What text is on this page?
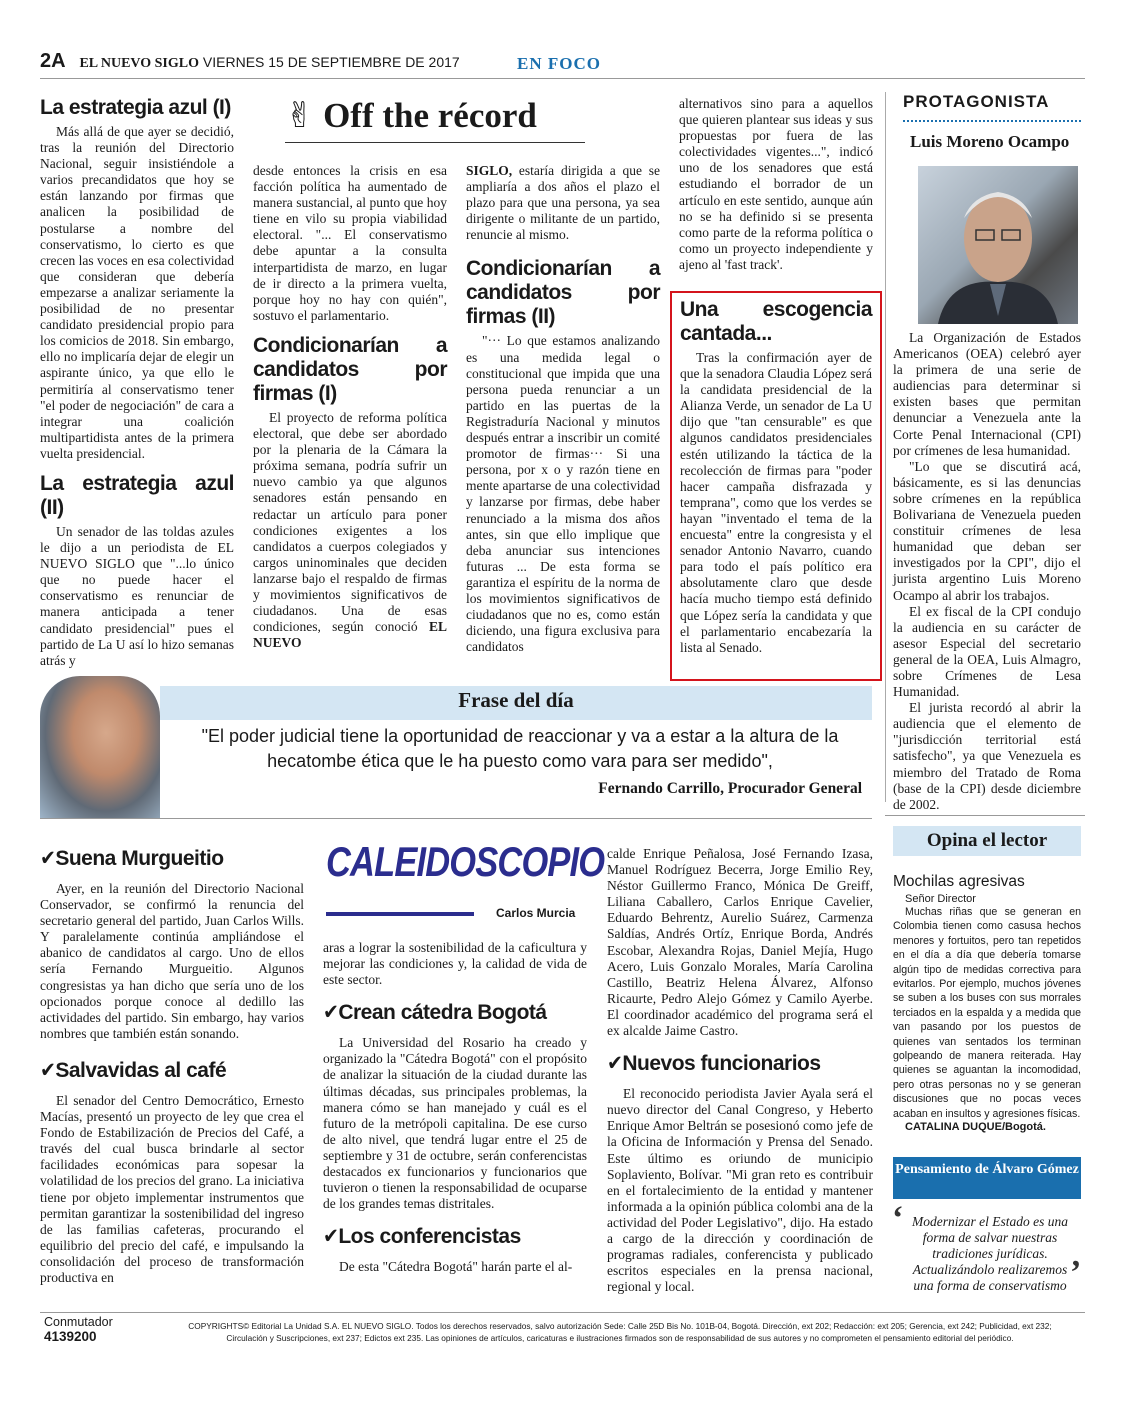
2A EL NUEVO SIGLO VIERNES 15 DE SEPTIEMBRE DE 2017	EN FOCO
✌ Off the récord
La estrategia azul (I)

Más allá de que ayer se decidió, tras la reunión del Directorio Nacional, seguir insistiéndole a varios precandidatos que hoy se están lanzando por firmas que analicen la posibilidad de postularse a nombre del conservatismo, lo cierto es que crecen las voces en esa colectividad que consideran que debería empezarse a analizar seriamente la posibilidad de no presentar candidato presidencial propio para los comicios de 2018. Sin embargo, ello no implicaría dejar de elegir un aspirante único, ya que ello le permitiría al conservatismo tener "el poder de negociación" de cara a integrar una coalición multipartidista antes de la primera vuelta presidencial.

La estrategia azul (II)

Un senador de las toldas azules le dijo a un periodista de EL NUEVO SIGLO que "...lo único que no puede hacer el conservatismo es renunciar de manera anticipada a tener candidato presidencial" pues el partido de La U así lo hizo semanas atrás y

desde entonces la crisis en esa facción política ha aumentado de manera sustancial, al punto que hoy tiene en vilo su propia viabilidad electoral. "... El conservatismo debe apuntar a la consulta interpartidista de marzo, en lugar de ir directo a la primera vuelta, porque hoy no hay con quién", sostuvo el parlamentario.

Condicionarían a candidatos por firmas (I)

El proyecto de reforma política electoral, que debe ser abordado por la plenaria de la Cámara la próxima semana, podría sufrir un nuevo cambio ya que algunos senadores están pensando en redactar un artículo para poner condiciones exigentes a los candidatos a cuerpos colegiados y cargos uninominales que deciden lanzarse bajo el respaldo de firmas y movimientos significativos de ciudadanos. Una de esas condiciones, según conoció EL NUEVO

SIGLO, estaría dirigida a que se ampliaría a dos años el plazo el plazo para que una persona, ya sea dirigente o militante de un partido, renuncie al mismo.

Condicionarían a candidatos por firmas (II)

"··· Lo que estamos analizando es una medida legal o constitucional que impida que una persona pueda renunciar a un partido en las puertas de la Registraduría Nacional y minutos después entrar a inscribir un comité promotor de firmas··· Si una persona, por x o y razón tiene en mente apartarse de una colectividad y lanzarse por firmas, debe haber renunciado a la misma dos años antes, sin que ello implique que deba anunciar sus intenciones futuras ... De esta forma se garantiza el espíritu de la norma de los movimientos significativos de ciudadanos que no es, como están diciendo, una figura exclusiva para candidatos

alternativos sino para a aquellos que quieren plantear sus ideas y sus propuestas por fuera de las colectividades vigentes...", indicó uno de los senadores que está estudiando el borrador de un artículo en este sentido, aunque aún no se ha definido si se presenta como parte de la reforma política o como un proyecto independiente y ajeno al 'fast track'.

Una escogencia cantada...

Tras la confirmación ayer de que la senadora Claudia López será la candidata presidencial de la Alianza Verde, un senador de La U dijo que "tan censurable" es que algunos candidatos presidenciales estén utilizando la táctica de la recolección de firmas para "poder hacer campaña disfrazada y temprana", como que los verdes se hayan "inventado el tema de la encuesta" entre la congresista y el senador Antonio Navarro, cuando para todo el país político era absolutamente claro que desde hacía mucho tiempo está definido que López sería la candidata y que el parlamentario encabezaría la lista al Senado.

PROTAGONISTA
Luis Moreno Ocampo

La Organización de Estados Americanos (OEA) celebró ayer la primera de una serie de audiencias para determinar si existen bases que permitan denunciar a Venezuela ante la Corte Penal Internacional (CPI) por crímenes de lesa humanidad.

"Lo que se discutirá acá, básicamente, es si las denuncias sobre crímenes en la república Bolivariana de Venezuela pueden constituir crímenes de lesa humanidad que deban ser investigados por la CPI", dijo el jurista argentino Luis Moreno Ocampo al abrir los trabajos.

El ex fiscal de la CPI condujo la audiencia en su carácter de asesor Especial del secretario general de la OEA, Luis Almagro, sobre Crímenes de Lesa Humanidad.

El jurista recordó al abrir la audiencia que el elemento de "jurisdicción territorial está satisfecho", ya que Venezuela es miembro del Tratado de Roma (base de la CPI) desde diciembre de 2002.

Frase del día
"El poder judicial tiene la oportunidad de reaccionar y va a estar a la altura de la hecatombe ética que le ha puesto como vara para ser medido",
Fernando Carrillo, Procurador General
Opina el lector
Mochilas agresivas
Señor Director
Muchas riñas que se generan en Colombia tienen como casusa hechos menores y fortuitos, pero tan repetidos en el día a día que debería tomarse algún tipo de medidas correctiva para evitarlos. Por ejemplo, muchos jóvenes se suben a los buses con sus morrales terciados en la espalda y a medida que van pasando por los puestos de quienes van sentados los terminan golpeando de manera reiterada. Hay quienes se aguantan la incomodidad, pero otras personas no y se generan discusiones que no pocas veces acaban en insultos y agresiones físicas.
CATALINA DUQUE/Bogotá.
Pensamiento de Álvaro Gómez
‘ Modernizar el Estado es una forma de salvar nuestras tradiciones jurídicas. Actualizándolo realizaremos una forma de conservatismo ’
CALEIDOSCOPIO
Carlos Murcia
✔Suena Murgueitio

Ayer, en la reunión del Directorio Nacional Conservador, se confirmó la renuncia del secretario general del partido, Juan Carlos Wills. Y paralelamente continúa ampliándose el abanico de candidatos al cargo. Uno de ellos sería Fernando Murgueitio. Algunos congresistas ya han dicho que sería uno de los opcionados porque conoce al dedillo las actividades del partido. Sin embargo, hay varios nombres que también están sonando.

✔Salvavidas al café

El senador del Centro Democrático, Ernesto Macías, presentó un proyecto de ley que crea el Fondo de Estabilización de Precios del Café, a través del cual busca brindarle al sector facilidades económicas para sopesar la volatilidad de los precios del grano. La iniciativa tiene por objeto implementar instrumentos que permitan garantizar la sostenibilidad del ingreso de las familias cafeteras, procurando el equilibrio del precio del café, e impulsando la consolidación del proceso de transformación productiva en

aras a lograr la sostenibilidad de la caficultura y mejorar las condiciones y, la calidad de vida de este sector.

✔Crean cátedra Bogotá

La Universidad del Rosario ha creado y organizado la "Cátedra Bogotá" con el propósito de analizar la situación de la ciudad durante las últimas décadas, sus principales problemas, la manera cómo se han manejado y cuál es el futuro de la metrópoli capitalina. De ese curso de alto nivel, que tendrá lugar entre el 25 de septiembre y 31 de octubre, serán conferencistas destacados ex funcionarios y funcionarios que tuvieron o tienen la responsabilidad de ocuparse de los grandes temas distritales.

✔Los conferencistas

De esta "Cátedra Bogotá" harán parte el al-

calde Enrique Peñalosa, José Fernando Izasa, Manuel Rodríguez Becerra, Jorge Emilio Rey, Néstor Guillermo Franco, Mónica De Greiff, Liliana Caballero, Carlos Enrique Cavelier, Eduardo Behrentz, Aurelio Suárez, Carmenza Saldías, Andrés Ortíz, Enrique Borda, Andrés Escobar, Alexandra Rojas, Daniel Mejía, Hugo Acero, Luis Gonzalo Morales, María Carolina Castillo, Beatriz Helena Álvarez, Alfonso Ricaurte, Pedro Alejo Gómez y Camilo Ayerbe. El coordinador académico del programa será el ex alcalde Jaime Castro.

✔Nuevos funcionarios

El reconocido periodista Javier Ayala será el nuevo director del Canal Congreso, y Heberto Enrique Amor Beltrán se posesionó como jefe de la Oficina de Información y Prensa del Senado. Este último es oriundo de municipio Soplaviento, Bolívar. "Mi gran reto es contribuir en el fortalecimiento de la entidad y mantener informada a la opinión pública colombi ana de la actividad del Poder Legislativo", dijo. Ha estado a cargo de la dirección y coordinación de programas radiales, conferencista y publicado escritos especiales en la prensa nacional, regional y local.

Conmutador
4139200
COPYRIGHTS© Editorial La Unidad S.A. EL NUEVO SIGLO. Todos los derechos reservados, salvo autorización Sede: Calle 25D Bis No. 101B-04, Bogotá. Dirección, ext 202; Redacción: ext 205; Gerencia, ext 242; Publicidad, ext 232;
Circulación y Suscripciones, ext 237; Edictos ext 235. Las opiniones de artículos, caricaturas e ilustraciones firmados son de responsabilidad de sus autores y no comprometen el pensamiento editorial del periódico.
